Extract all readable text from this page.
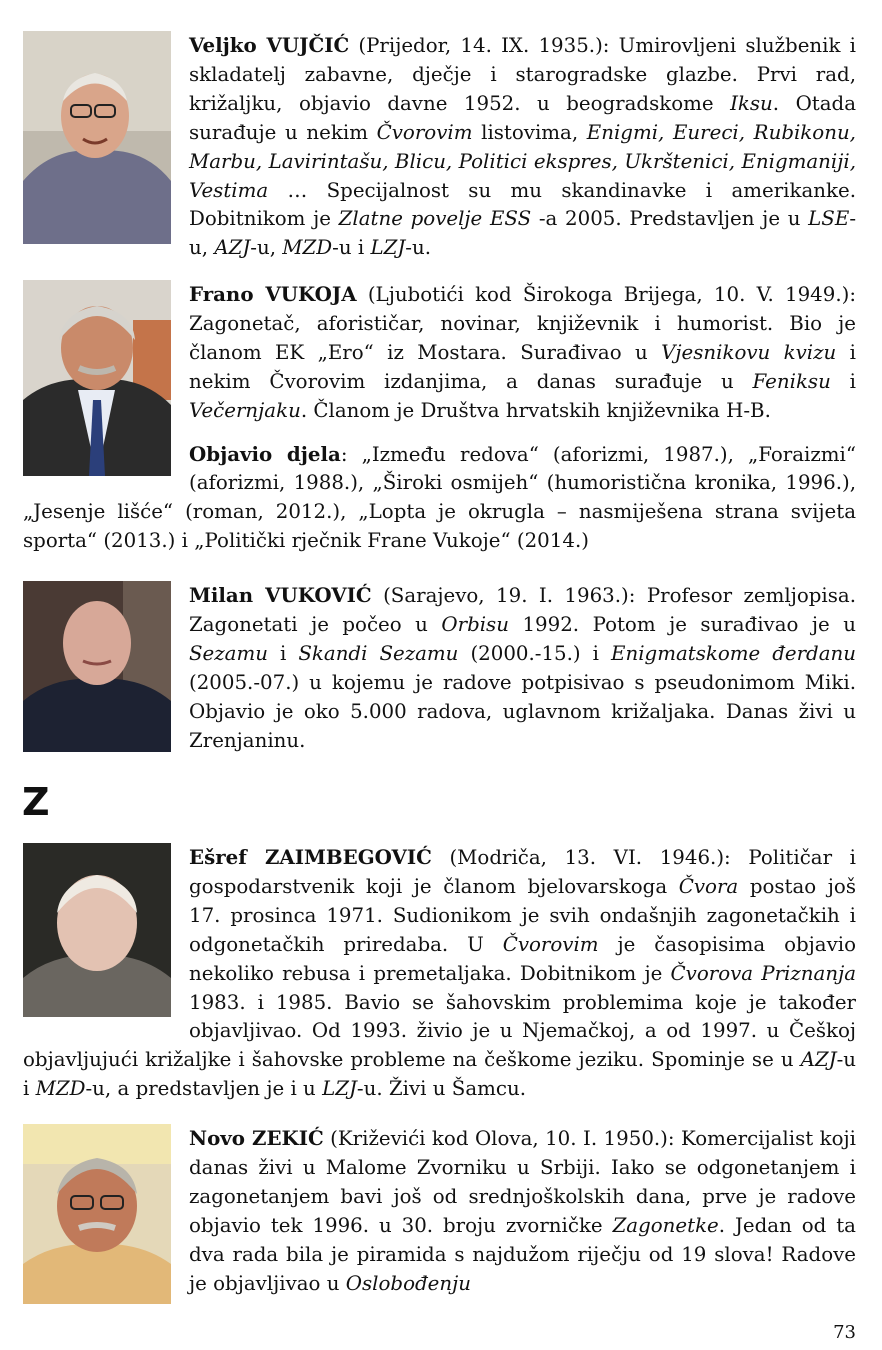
Veljko VUJČIĆ (Prijedor, 14. IX. 1935.): Umirovljeni službenik i skladatelj zabavne, dječje i starogradske glazbe. Prvi rad, križaljku, objavio davne 1952. u beogradskome Iksu. Otada surađuje u nekim Čvorovim listovima, Enigmi, Eureci, Rubikonu, Marbu, Lavirintašu, Blicu, Politici ekspres, Ukrštenici, Enigmaniji, Vestima … Specijalnost su mu skandinavke i amerikanke. Dobitnikom je Zlatne povelje ESS -a 2005. Predstavljen je u LSE-u, AZJ-u, MZD-u i LZJ-u.

Frano VUKOJA (Ljubotići kod Širokoga Brijega, 10. V. 1949.): Zagonetač, aforističar, novinar, književnik i humorist. Bio je članom EK „Ero“ iz Mostara. Surađivao u Vjesnikovu kvizu i nekim Čvorovim izdanjima, a danas surađuje u Feniksu i Večernjaku. Članom je Društva hrvatskih književnika H-B.

Objavio djela: „Između redova“ (aforizmi, 1987.), „Foraizmi“ (aforizmi, 1988.), „Široki osmijeh“ (humoristična kronika, 1996.), „Jesenje lišće“ (roman, 2012.), „Lopta je okrugla – nasmiješena strana svijeta sporta“ (2013.) i „Politički rječnik Frane Vukoje“ (2014.)

Milan VUKOVIĆ (Sarajevo, 19. I. 1963.): Profesor zemljopisa. Zagonetati je počeo u Orbisu 1992. Potom je surađivao je u Sezamu i Skandi Sezamu (2000.-15.) i Enigmatskome đerdanu (2005.-07.) u kojemu je radove potpisivao s pseudonimom Miki. Objavio je oko 5.000 radova, uglavnom križaljaka. Danas živi u Zrenjaninu.

Z

Ešref ZAIMBEGOVIĆ (Modriča, 13. VI. 1946.): Političar i gospodarstvenik koji je članom bjelovarskoga Čvora postao još 17. prosinca 1971. Sudionikom je svih ondašnjih zagonetačkih i odgonetačkih priredaba. U Čvorovim je časopisima objavio nekoliko rebusa i premetaljaka. Dobitnikom je Čvorova Priznanja 1983. i 1985. Bavio se šahovskim problemima koje je također objavljivao. Od 1993. živio je u Njemačkoj, a od 1997. u Češkoj objavljujući križaljke i šahovske probleme na češkome jeziku. Spominje se u AZJ-u i MZD-u, a predstavljen je i u LZJ-u. Živi u Šamcu.

Novo ZEKIĆ (Križevići kod Olova, 10. I. 1950.): Komercijalist koji danas živi u Malome Zvorniku u Srbiji. Iako se odgonetanjem i zagonetanjem bavi još od srednjoškolskih dana, prve je radove objavio tek 1996. u 30. broju zvorničke Zagonetke. Jedan od ta dva rada bila je piramida s najdužom riječju od 19 slova! Radove je objavljivao u Oslobođenju

73
